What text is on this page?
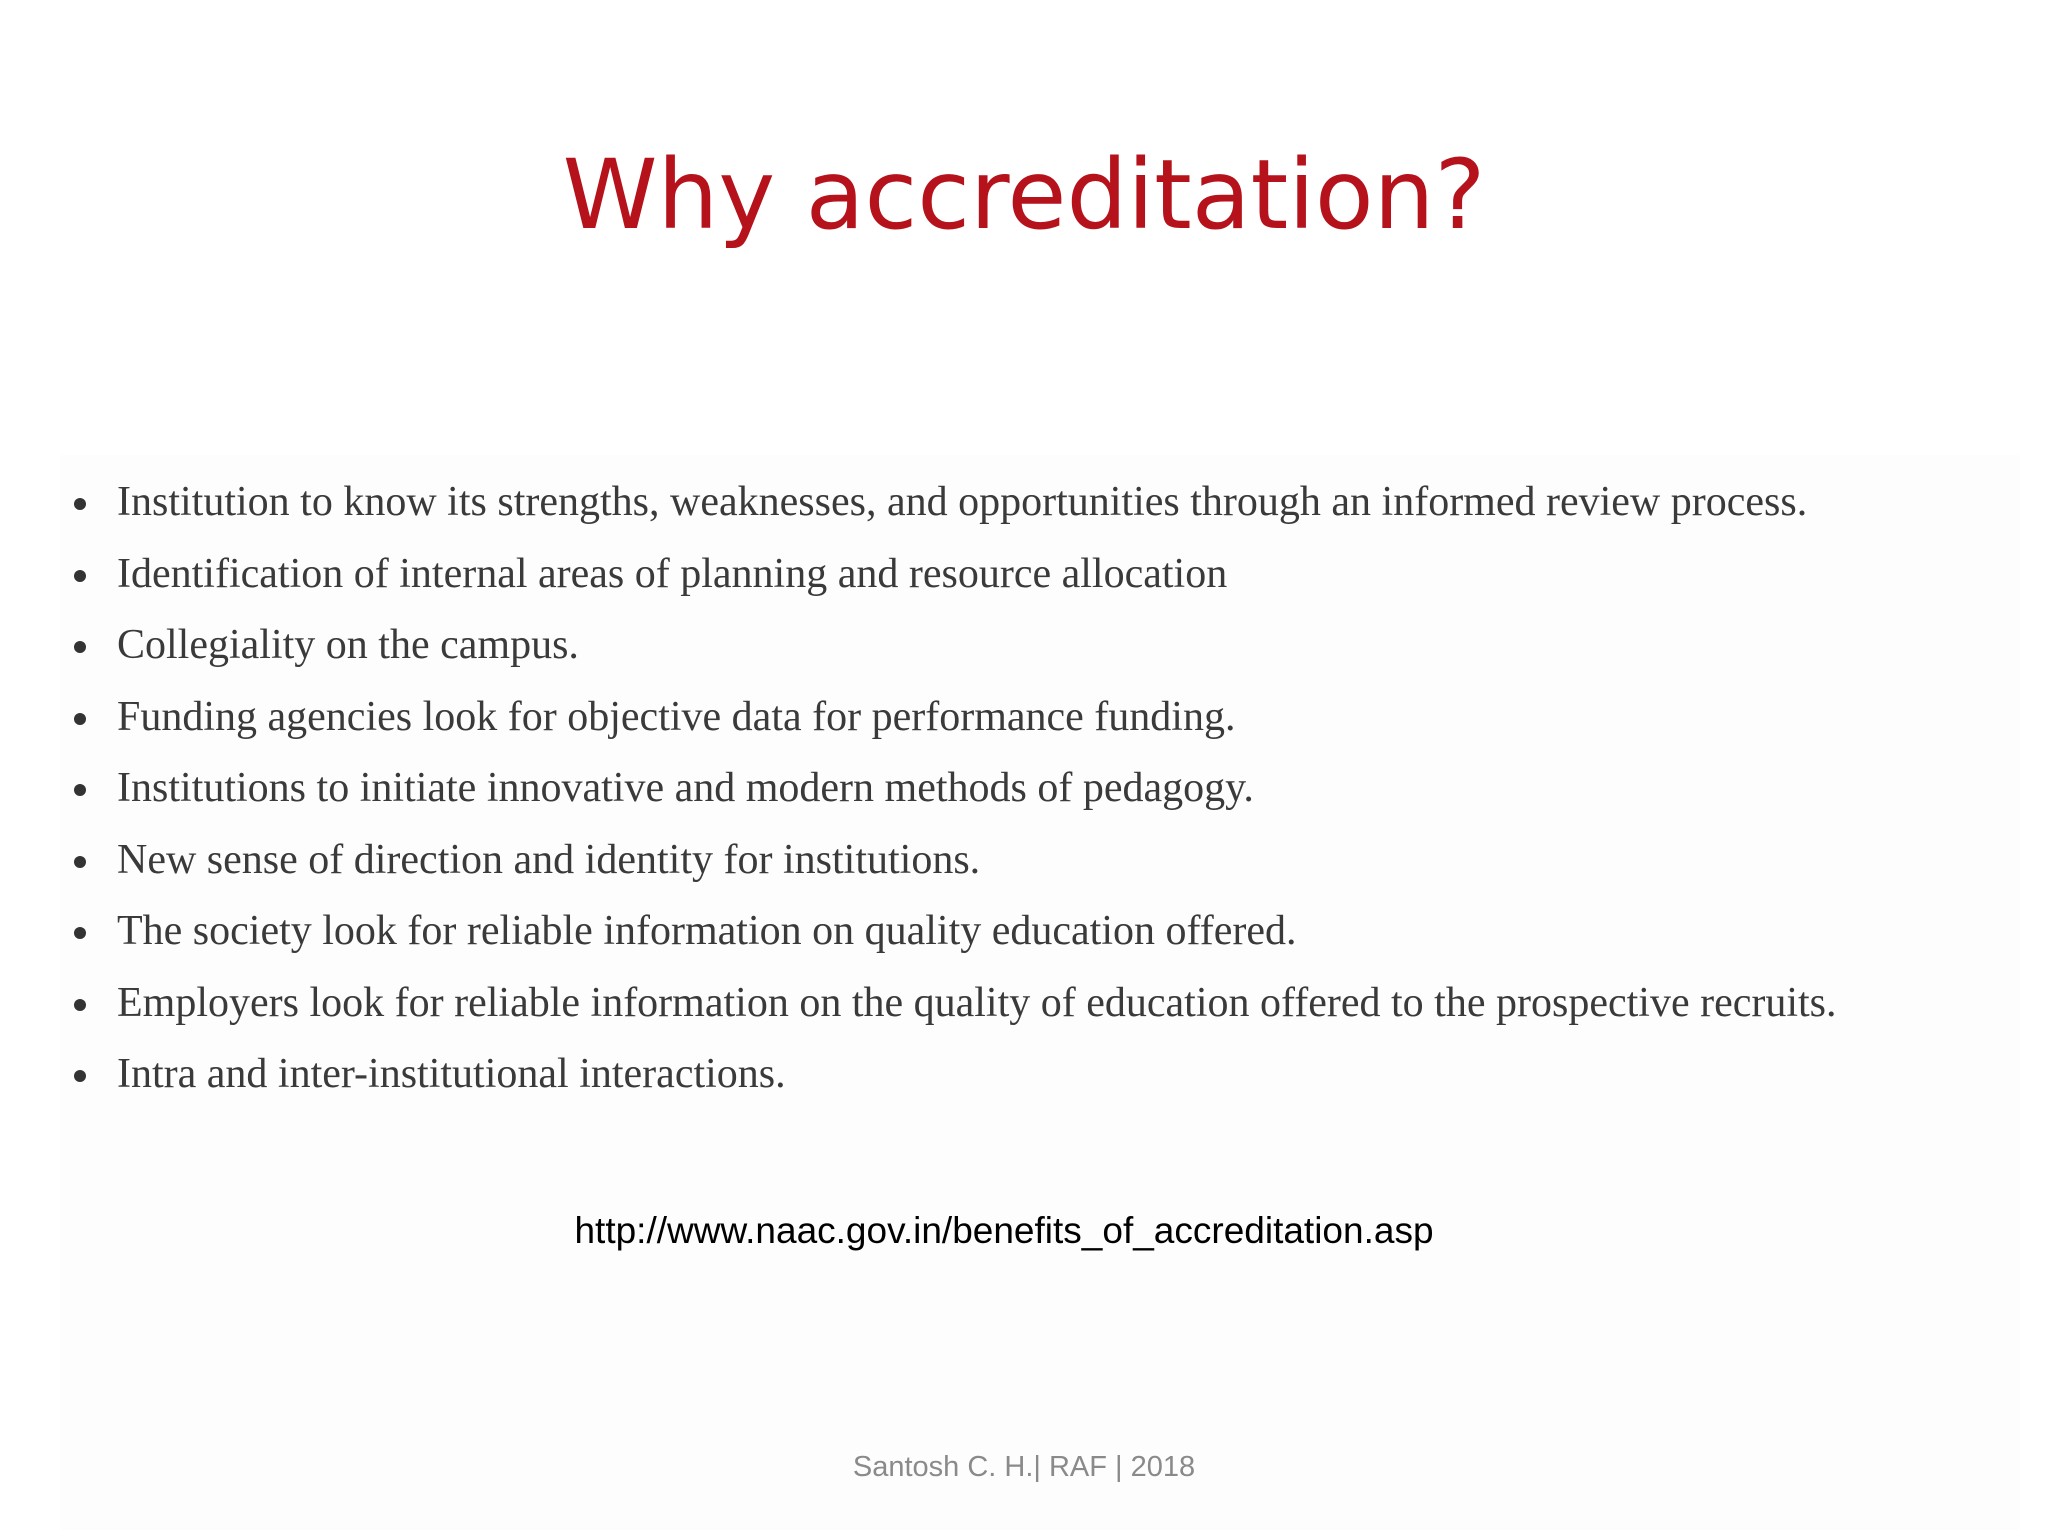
Why accreditation?
Institution to know its strengths, weaknesses, and opportunities through an informed review process.
Identification of internal areas of planning and resource allocation
Collegiality on the campus.
Funding agencies look for objective data for performance funding.
Institutions to initiate innovative and modern methods of pedagogy.
New sense of direction and identity for institutions.
The society look for reliable information on quality education offered.
Employers look for reliable information on the quality of education offered to the prospective recruits.
Intra and inter-institutional interactions.
http://www.naac.gov.in/benefits_of_accreditation.asp
Santosh C. H.| RAF | 2018
